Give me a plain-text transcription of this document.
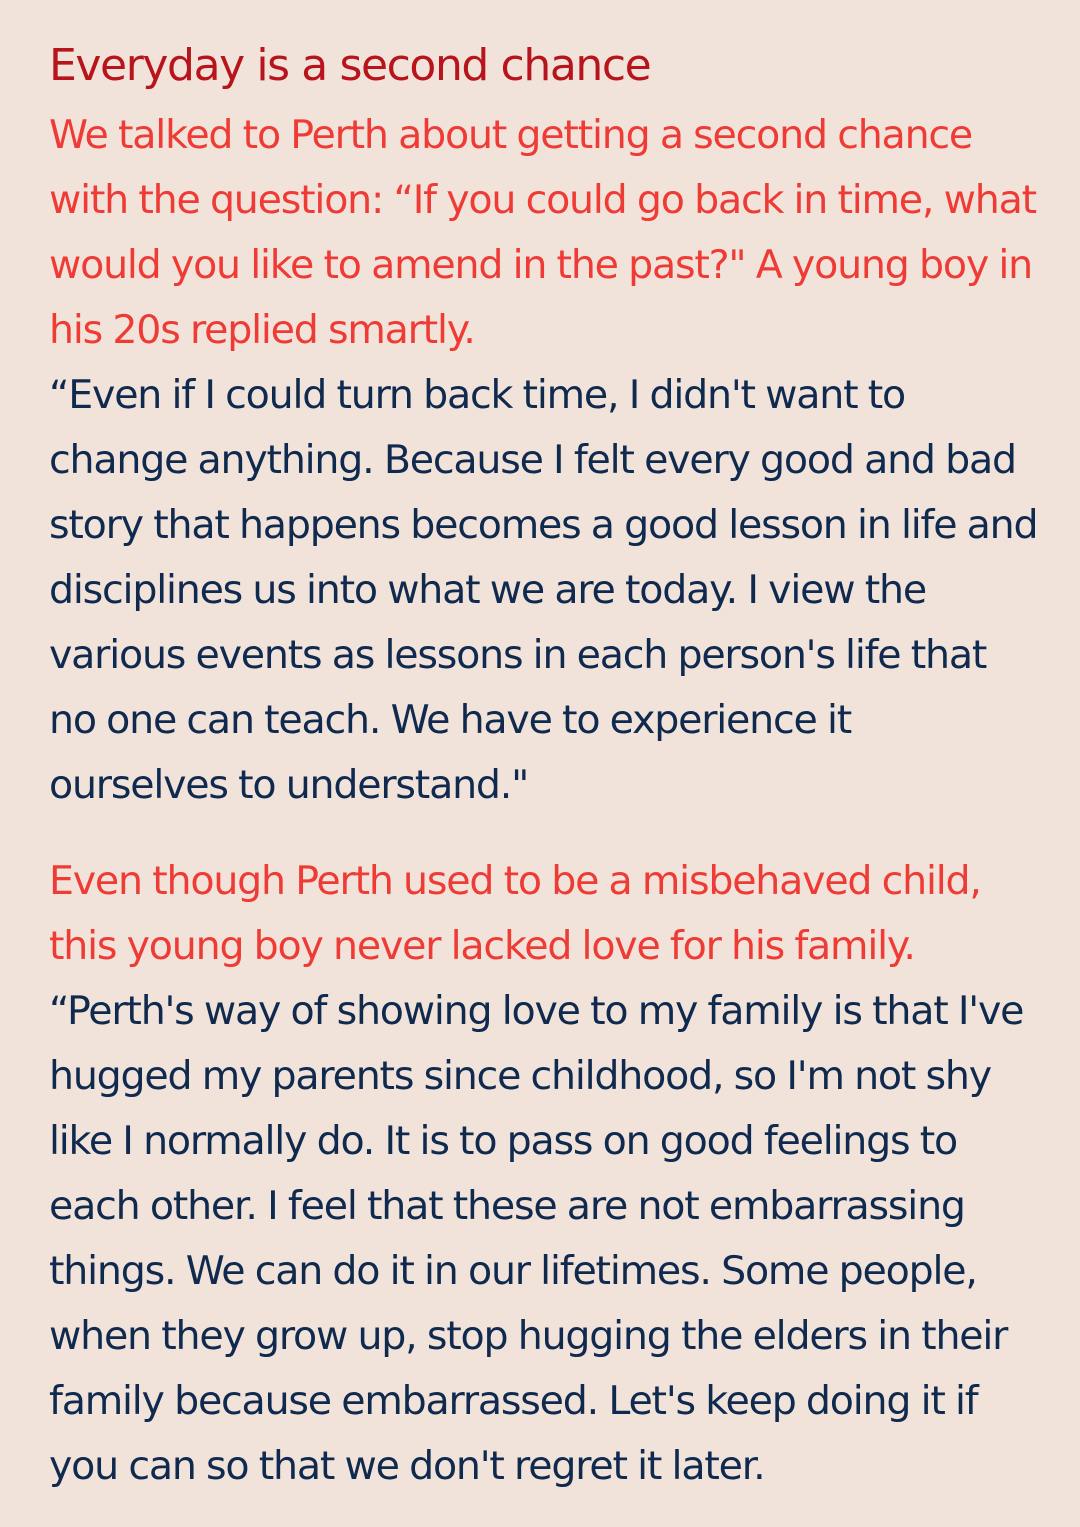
Everyday is a second chance

We talked to Perth about getting a second chance with the question: “If you could go back in time, what would you like to amend in the past?" A young boy in his 20s replied smartly.

“Even if I could turn back time, I didn't want to change anything. Because I felt every good and bad story that happens becomes a good lesson in life and disciplines us into what we are today. I view the various events as lessons in each person's life that no one can teach. We have to experience it ourselves to understand."

Even though Perth used to be a misbehaved child, this young boy never lacked love for his family.

“Perth's way of showing love to my family is that I've hugged my parents since childhood, so I'm not shy like I normally do. It is to pass on good feelings to each other. I feel that these are not embarrassing things. We can do it in our lifetimes. Some people, when they grow up, stop hugging the elders in their family because embarrassed. Let's keep doing it if you can so that we don't regret it later.
